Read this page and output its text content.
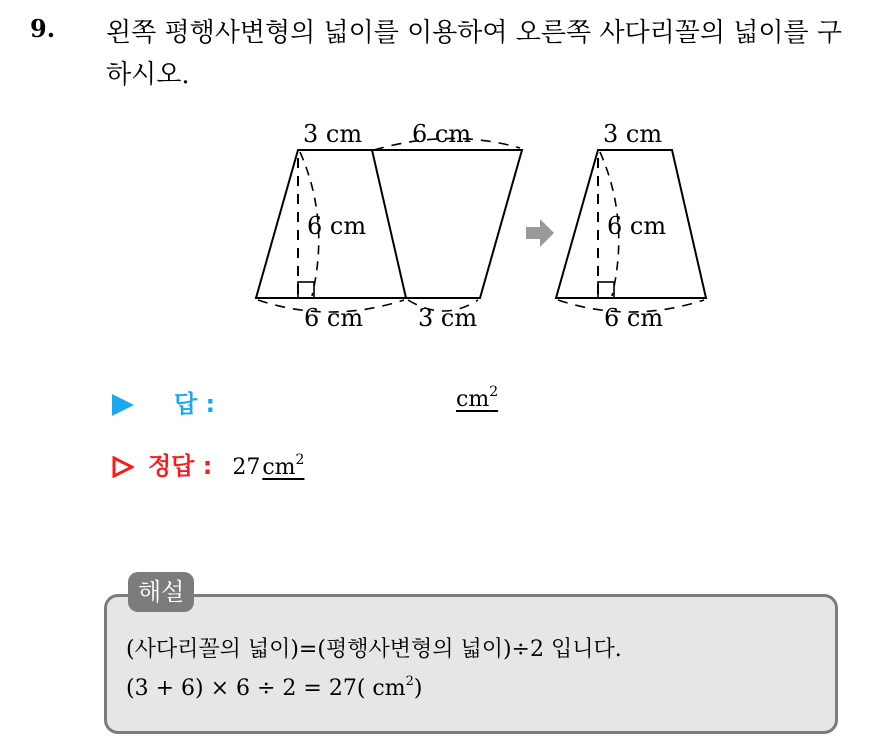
9. 왼쪽 평행사변형의 넓이를 이용하여 오른쪽 사다리꼴의 넓이를 구하시오.
3 cm 6 cm
6 cm
6 cm 3 cm
3 cm
6 cm
6 cm
답 :	$cm^2$
정답 : 27 $cm^2$
해설
(사다리꼴의 넓이)=(평행사변형의 넓이)÷2 입니다.
(3 + 6) × 6 ÷ 2 = 27( $cm^2$)
